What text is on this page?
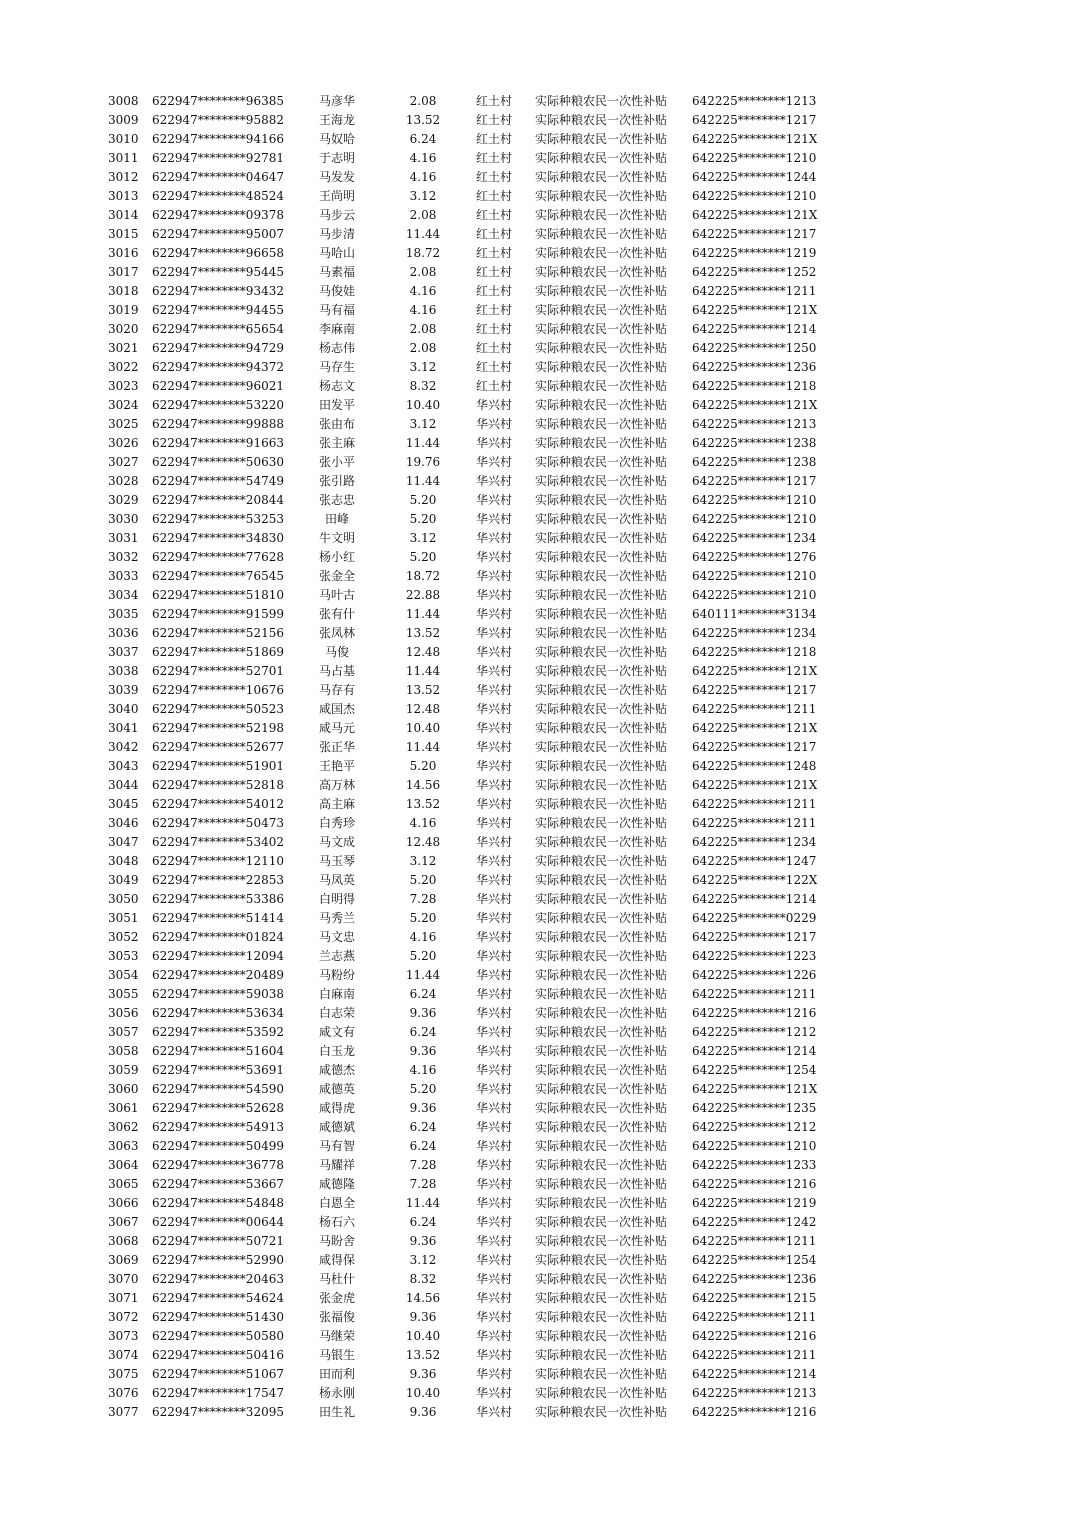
3008 622947********96385	马彦华	2.08	红土村 实际种粮农民一次性补贴 642225********1213
3009 622947********95882	王海龙	13.52	红土村 实际种粮农民一次性补贴 642225********1217
3010 622947********94166	马奴哈	6.24	红土村 实际种粮农民一次性补贴 642225********121X
3011 622947********92781	于志明	4.16	红土村 实际种粮农民一次性补贴 642225********1210
3012 622947********04647	马发发	4.16	红土村 实际种粮农民一次性补贴 642225********1244
3013 622947********48524	王尚明	3.12	红土村 实际种粮农民一次性补贴 642225********1210
3014 622947********09378	马步云	2.08	红土村 实际种粮农民一次性补贴 642225********121X
3015 622947********95007	马步清	11.44	红土村 实际种粮农民一次性补贴 642225********1217
3016 622947********96658	马哈山	18.72	红土村 实际种粮农民一次性补贴 642225********1219
3017 622947********95445	马素福	2.08	红土村 实际种粮农民一次性补贴 642225********1252
3018 622947********93432	马俊娃	4.16	红土村 实际种粮农民一次性补贴 642225********1211
3019 622947********94455	马有福	4.16	红土村 实际种粮农民一次性补贴 642225********121X
3020 622947********65654	李麻南	2.08	红土村 实际种粮农民一次性补贴 642225********1214
3021 622947********94729	杨志伟	2.08	红土村 实际种粮农民一次性补贴 642225********1250
3022 622947********94372	马存生	3.12	红土村 实际种粮农民一次性补贴 642225********1236
3023 622947********96021	杨志文	8.32	红土村 实际种粮农民一次性补贴 642225********1218
3024 622947********53220	田发平	10.40	华兴村 实际种粮农民一次性补贴 642225********121X
3025 622947********99888	张由布	3.12	华兴村 实际种粮农民一次性补贴 642225********1213
3026 622947********91663	张主麻	11.44	华兴村 实际种粮农民一次性补贴 642225********1238
3027 622947********50630	张小平	19.76	华兴村 实际种粮农民一次性补贴 642225********1238
3028 622947********54749	张引路	11.44	华兴村 实际种粮农民一次性补贴 642225********1217
3029 622947********20844	张志忠	5.20	华兴村 实际种粮农民一次性补贴 642225********1210
3030 622947********53253	田峰	5.20	华兴村 实际种粮农民一次性补贴 642225********1210
3031 622947********34830	牛文明	3.12	华兴村 实际种粮农民一次性补贴 642225********1234
3032 622947********77628	杨小红	5.20	华兴村 实际种粮农民一次性补贴 642225********1276
3033 622947********76545	张金全	18.72	华兴村 实际种粮农民一次性补贴 642225********1210
3034 622947********51810	马叶古	22.88	华兴村 实际种粮农民一次性补贴 642225********1210
3035 622947********91599	张有什	11.44	华兴村 实际种粮农民一次性补贴 640111********3134
3036 622947********52156	张凤林	13.52	华兴村 实际种粮农民一次性补贴 642225********1234
3037 622947********51869	马俊	12.48	华兴村 实际种粮农民一次性补贴 642225********1218
3038 622947********52701	马占基	11.44	华兴村 实际种粮农民一次性补贴 642225********121X
3039 622947********10676	马存有	13.52	华兴村 实际种粮农民一次性补贴 642225********1217
3040 622947********50523	咸国杰	12.48	华兴村 实际种粮农民一次性补贴 642225********1211
3041 622947********52198	咸马元	10.40	华兴村 实际种粮农民一次性补贴 642225********121X
3042 622947********52677	张正华	11.44	华兴村 实际种粮农民一次性补贴 642225********1217
3043 622947********51901	王艳平	5.20	华兴村 实际种粮农民一次性补贴 642225********1248
3044 622947********52818	高万林	14.56	华兴村 实际种粮农民一次性补贴 642225********121X
3045 622947********54012	高主麻	13.52	华兴村 实际种粮农民一次性补贴 642225********1211
3046 622947********50473	白秀珍	4.16	华兴村 实际种粮农民一次性补贴 642225********1211
3047 622947********53402	马文成	12.48	华兴村 实际种粮农民一次性补贴 642225********1234
3048 622947********12110	马玉琴	3.12	华兴村 实际种粮农民一次性补贴 642225********1247
3049 622947********22853	马凤英	5.20	华兴村 实际种粮农民一次性补贴 642225********122X
3050 622947********53386	白明得	7.28	华兴村 实际种粮农民一次性补贴 642225********1214
3051 622947********51414	马秀兰	5.20	华兴村 实际种粮农民一次性补贴 642225********0229
3052 622947********01824	马文忠	4.16	华兴村 实际种粮农民一次性补贴 642225********1217
3053 622947********12094	兰志燕	5.20	华兴村 实际种粮农民一次性补贴 642225********1223
3054 622947********20489	马粉纷	11.44	华兴村 实际种粮农民一次性补贴 642225********1226
3055 622947********59038	白麻南	6.24	华兴村 实际种粮农民一次性补贴 642225********1211
3056 622947********53634	白志荣	9.36	华兴村 实际种粮农民一次性补贴 642225********1216
3057 622947********53592	咸文有	6.24	华兴村 实际种粮农民一次性补贴 642225********1212
3058 622947********51604	白玉龙	9.36	华兴村 实际种粮农民一次性补贴 642225********1214
3059 622947********53691	咸德杰	4.16	华兴村 实际种粮农民一次性补贴 642225********1254
3060 622947********54590	咸德英	5.20	华兴村 实际种粮农民一次性补贴 642225********121X
3061 622947********52628	咸得虎	9.36	华兴村 实际种粮农民一次性补贴 642225********1235
3062 622947********54913	咸德斌	6.24	华兴村 实际种粮农民一次性补贴 642225********1212
3063 622947********50499	马有智	6.24	华兴村 实际种粮农民一次性补贴 642225********1210
3064 622947********36778	马耀祥	7.28	华兴村 实际种粮农民一次性补贴 642225********1233
3065 622947********53667	咸德隆	7.28	华兴村 实际种粮农民一次性补贴 642225********1216
3066 622947********54848	白恩全	11.44	华兴村 实际种粮农民一次性补贴 642225********1219
3067 622947********00644	杨石六	6.24	华兴村 实际种粮农民一次性补贴 642225********1242
3068 622947********50721	马盼舍	9.36	华兴村 实际种粮农民一次性补贴 642225********1211
3069 622947********52990	咸得保	3.12	华兴村 实际种粮农民一次性补贴 642225********1254
3070 622947********20463	马杜什	8.32	华兴村 实际种粮农民一次性补贴 642225********1236
3071 622947********54624	张金虎	14.56	华兴村 实际种粮农民一次性补贴 642225********1215
3072 622947********51430	张福俊	9.36	华兴村 实际种粮农民一次性补贴 642225********1211
3073 622947********50580	马继荣	10.40	华兴村 实际种粮农民一次性补贴 642225********1216
3074 622947********50416	马银生	13.52	华兴村 实际种粮农民一次性补贴 642225********1211
3075 622947********51067	田而利	9.36	华兴村 实际种粮农民一次性补贴 642225********1214
3076 622947********17547	杨永刚	10.40	华兴村 实际种粮农民一次性补贴 642225********1213
3077 622947********32095	田生礼	9.36	华兴村 实际种粮农民一次性补贴 642225********1216
